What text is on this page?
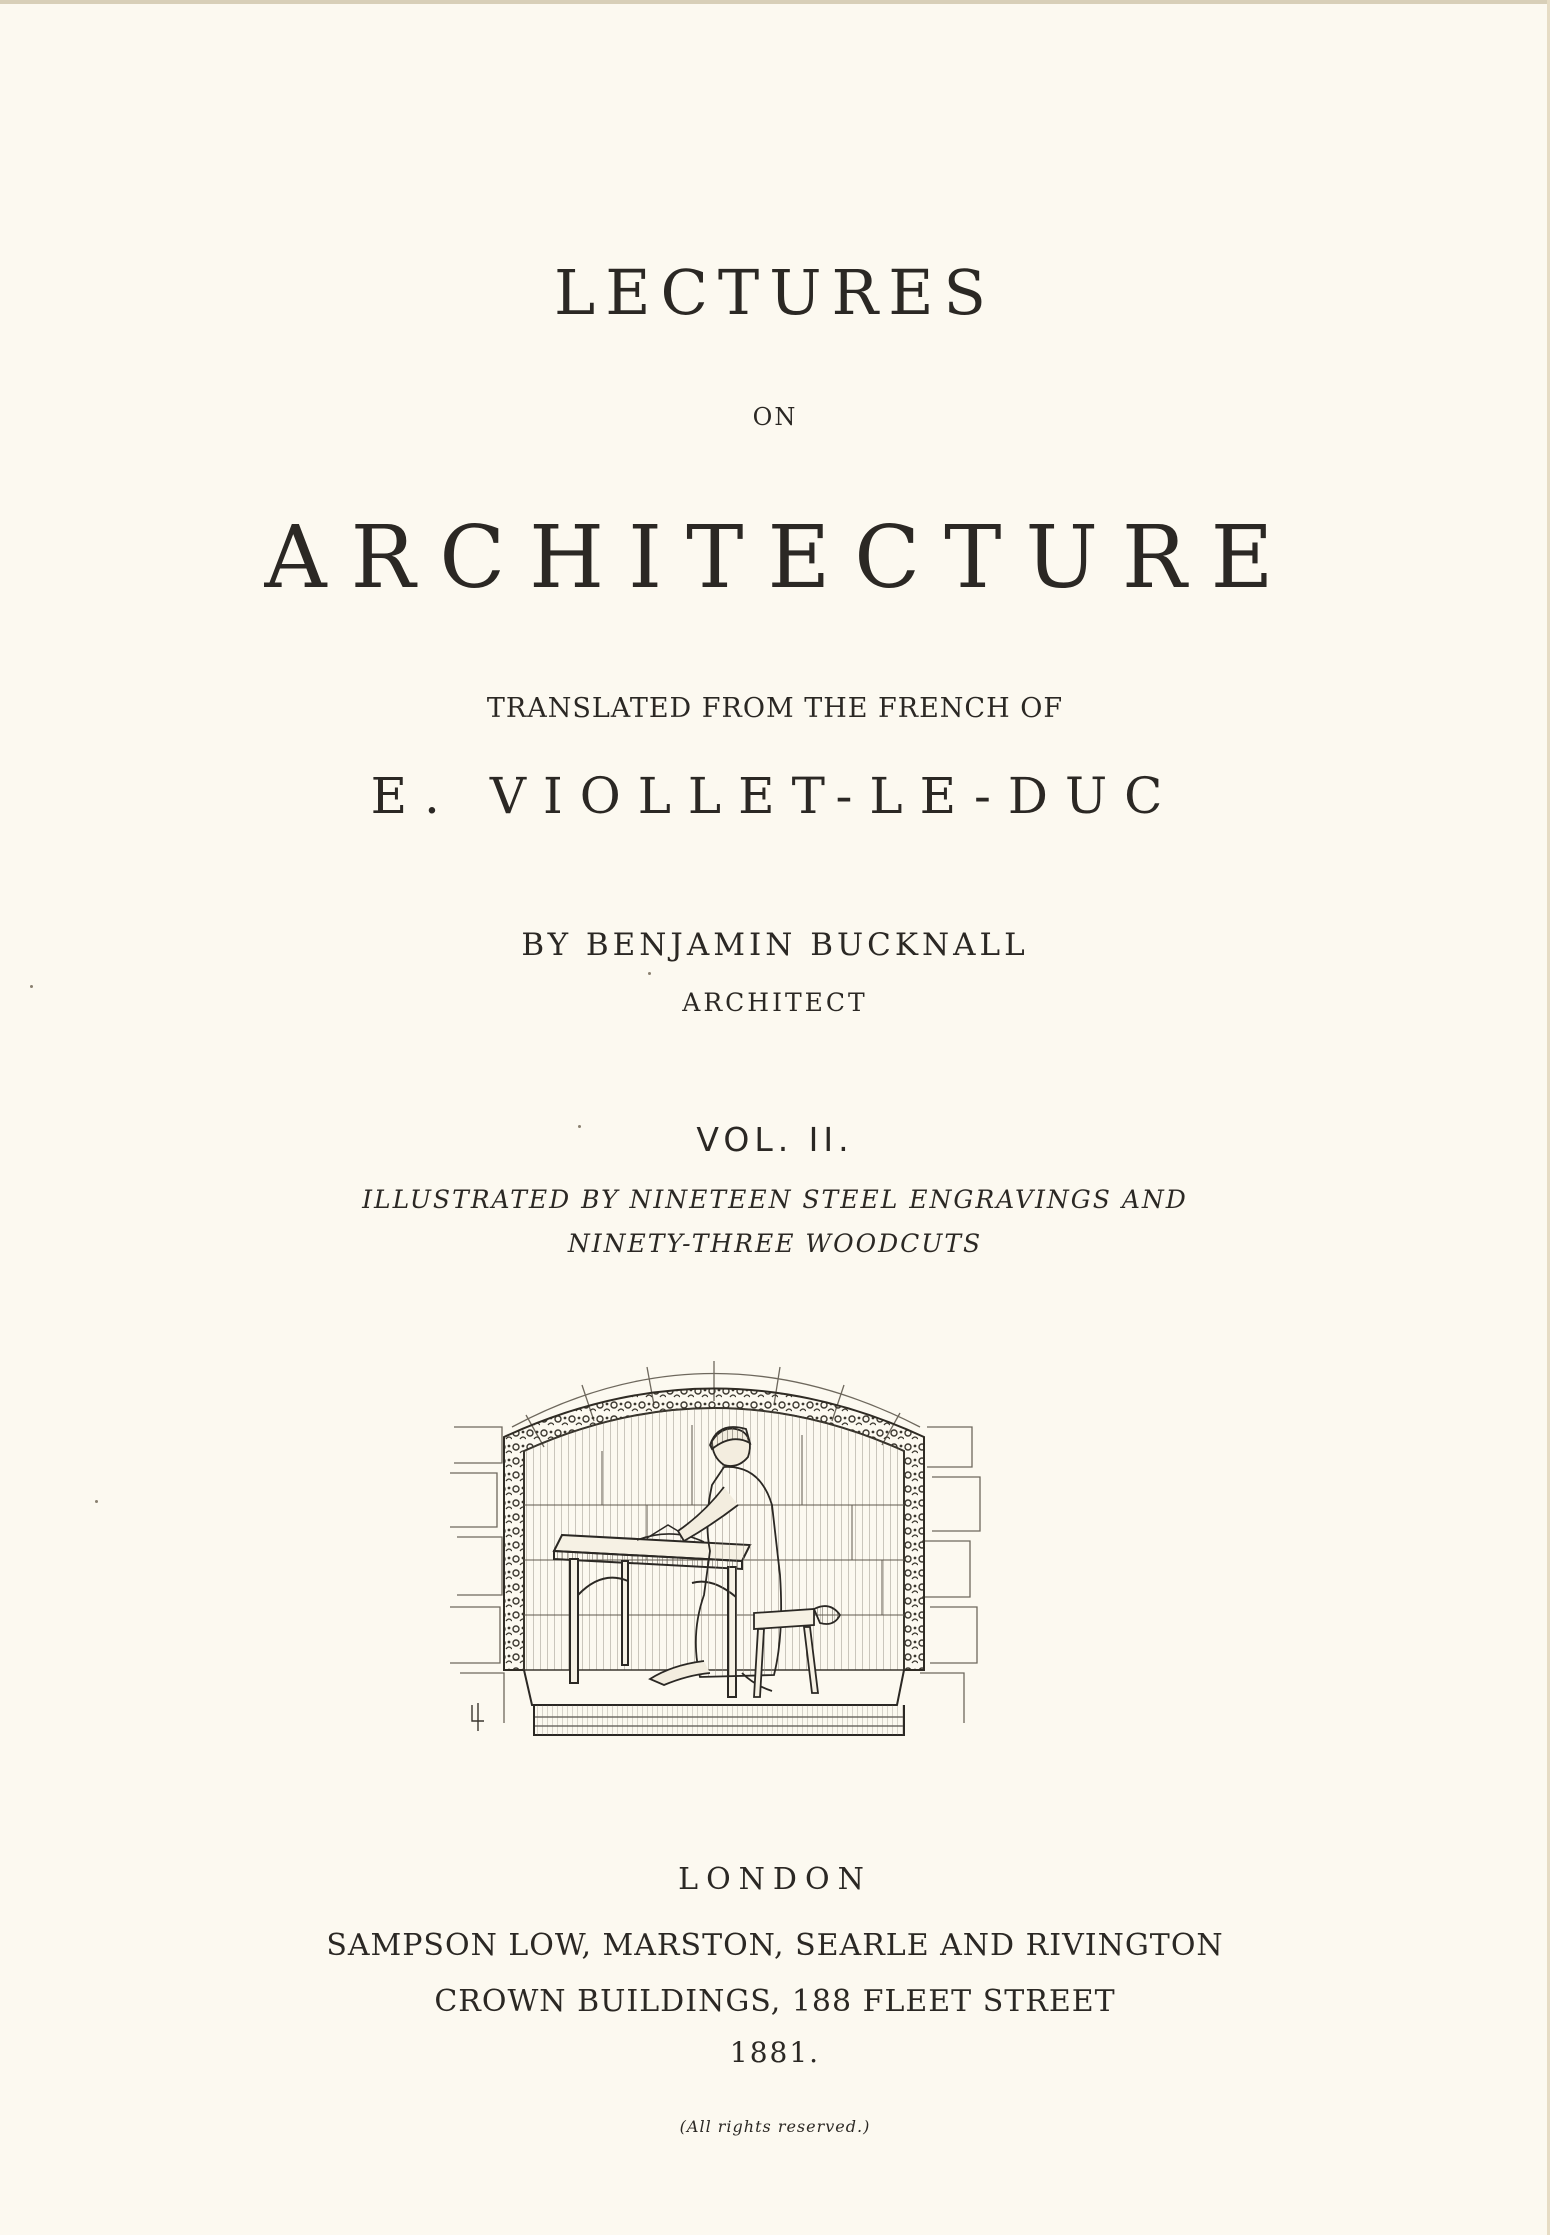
LECTURES
ON
ARCHITECTURE
TRANSLATED FROM THE FRENCH OF
E. VIOLLET-LE-DUC
BY BENJAMIN BUCKNALL
ARCHITECT
VOL. II.
ILLUSTRATED BY NINETEEN STEEL ENGRAVINGS AND
NINETY-THREE WOODCUTS
LONDON
SAMPSON LOW, MARSTON, SEARLE AND RIVINGTON
CROWN BUILDINGS, 188 FLEET STREET
1881.
(All rights reserved.)
